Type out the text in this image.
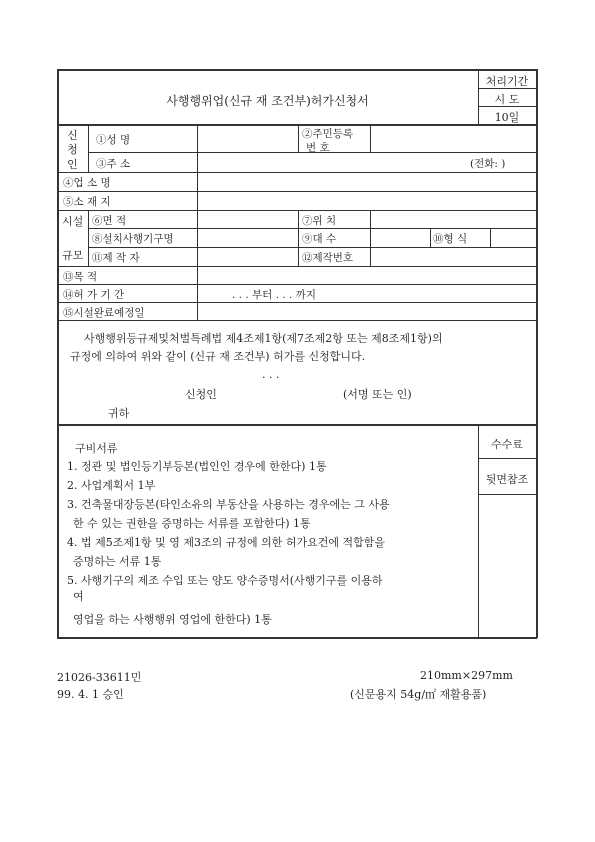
사행행위업(신규 재 조건부)허가신청서
처리기간
시 도
10일
신
청
인
①성 명	②주민등록
번 호
③주 소	(전화: )
④업 소 명
⑤소 재 지
시설
규모
⑥면 적	⑦위 치
⑧설치사행기구명	⑨대 수	⑩형 식
⑪제 작 자	⑫제작번호
⑬목 적
⑭허 가 기 간	. . . 부터 . . . 까지
⑮시설완료예정일
사행행위등규제및처벌특례법 제4조제1항(제7조제2항 또는 제8조제1항)의
규정에 의하여 위와 같이 (신규 재 조건부) 허가를 신청합니다.
. . .
신청인	(서명 또는 인)
귀하
구비서류
1. 정관 및 법인등기부등본(법인인 경우에 한한다) 1통
2. 사업계획서 1부
3. 건축물대장등본(타인소유의 부동산을 사용하는 경우에는 그 사용
한 수 있는 권한을 증명하는 서류를 포함한다) 1통
4. 법 제5조제1항 및 영 제3조의 규정에 의한 허가요건에 적합함을
증명하는 서류 1통
5. 사행기구의 제조 수입 또는 양도 양수증명서(사행기구를 이용하
여
영업을 하는 사행행위 영업에 한한다) 1통
수수료
뒷면참조
21026-33611민
99. 4. 1 승인
210mm×297mm
(신문용지 54g/㎡ 재활용품)
